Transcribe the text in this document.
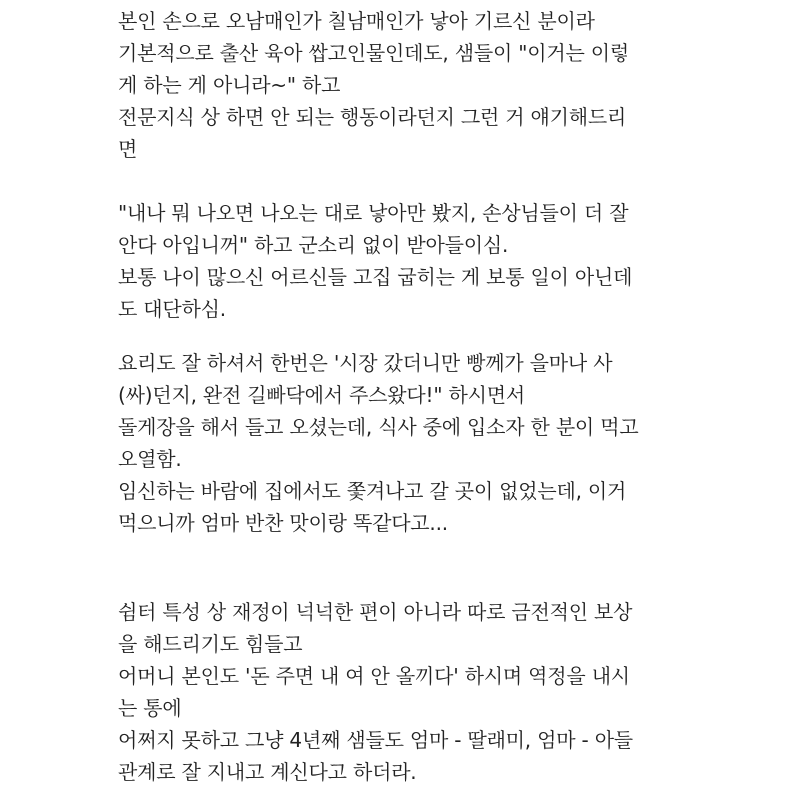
본인 손으로 오남매인가 칠남매인가 낳아 기르신 분이라
기본적으로 출산 육아 쌉고인물인데도, 샘들이 "이거는 이렇
게 하는 게 아니라~" 하고
전문지식 상 하면 안 되는 행동이라던지 그런 거 얘기해드리
면
"내나 뭐 나오면 나오는 대로 낳아만 봤지, 손상님들이 더 잘
안다 아입니꺼" 하고 군소리 없이 받아들이심.
보통 나이 많으신 어르신들 고집 굽히는 게 보통 일이 아닌데
도 대단하심.
요리도 잘 하셔서 한번은 '시장 갔더니만 빵께가 을마나 사
(싸)던지, 완전 길빠닥에서 주스왔다!" 하시면서
돌게장을 해서 들고 오셨는데, 식사 중에 입소자 한 분이 먹고
오열함.
임신하는 바람에 집에서도 쫓겨나고 갈 곳이 없었는데, 이거
먹으니까 엄마 반찬 맛이랑 똑같다고...
쉼터 특성 상 재정이 넉넉한 편이 아니라 따로 금전적인 보상
을 해드리기도 힘들고
어머니 본인도 '돈 주면 내 여 안 올끼다' 하시며 역정을 내시
는 통에
어쩌지 못하고 그냥 4년째 샘들도 엄마 - 딸래미, 엄마 - 아들
관계로 잘 지내고 계신다고 하더라.
